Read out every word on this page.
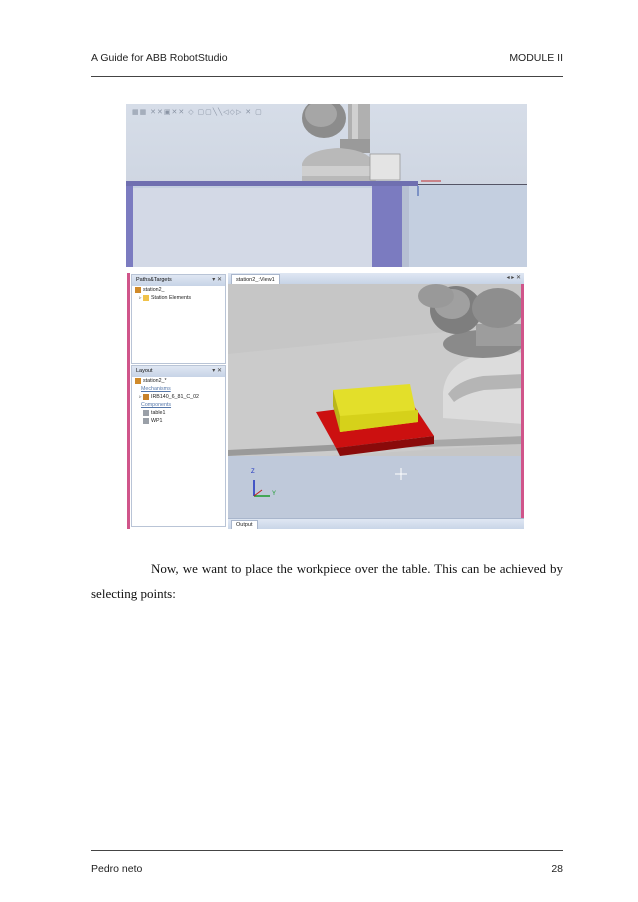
A Guide for ABB RobotStudio	MODULE II
▦▦ ✕✕▣✕✕ ◇ ▢▢╲╲◁◇▷ ✕ ▢
Paths&Targets	▾ ✕
station2_
▹ Station Elements
Layout	▾ ✕
station2_*
Mechanisms
▹ IRB140_6_81_C_02
Components
table1
WP1
station2_:View1	◂ ▸ ✕
Z
Y
Output
Now, we want to place the workpiece over the table. This can be achieved by
selecting points:
Pedro neto	28
